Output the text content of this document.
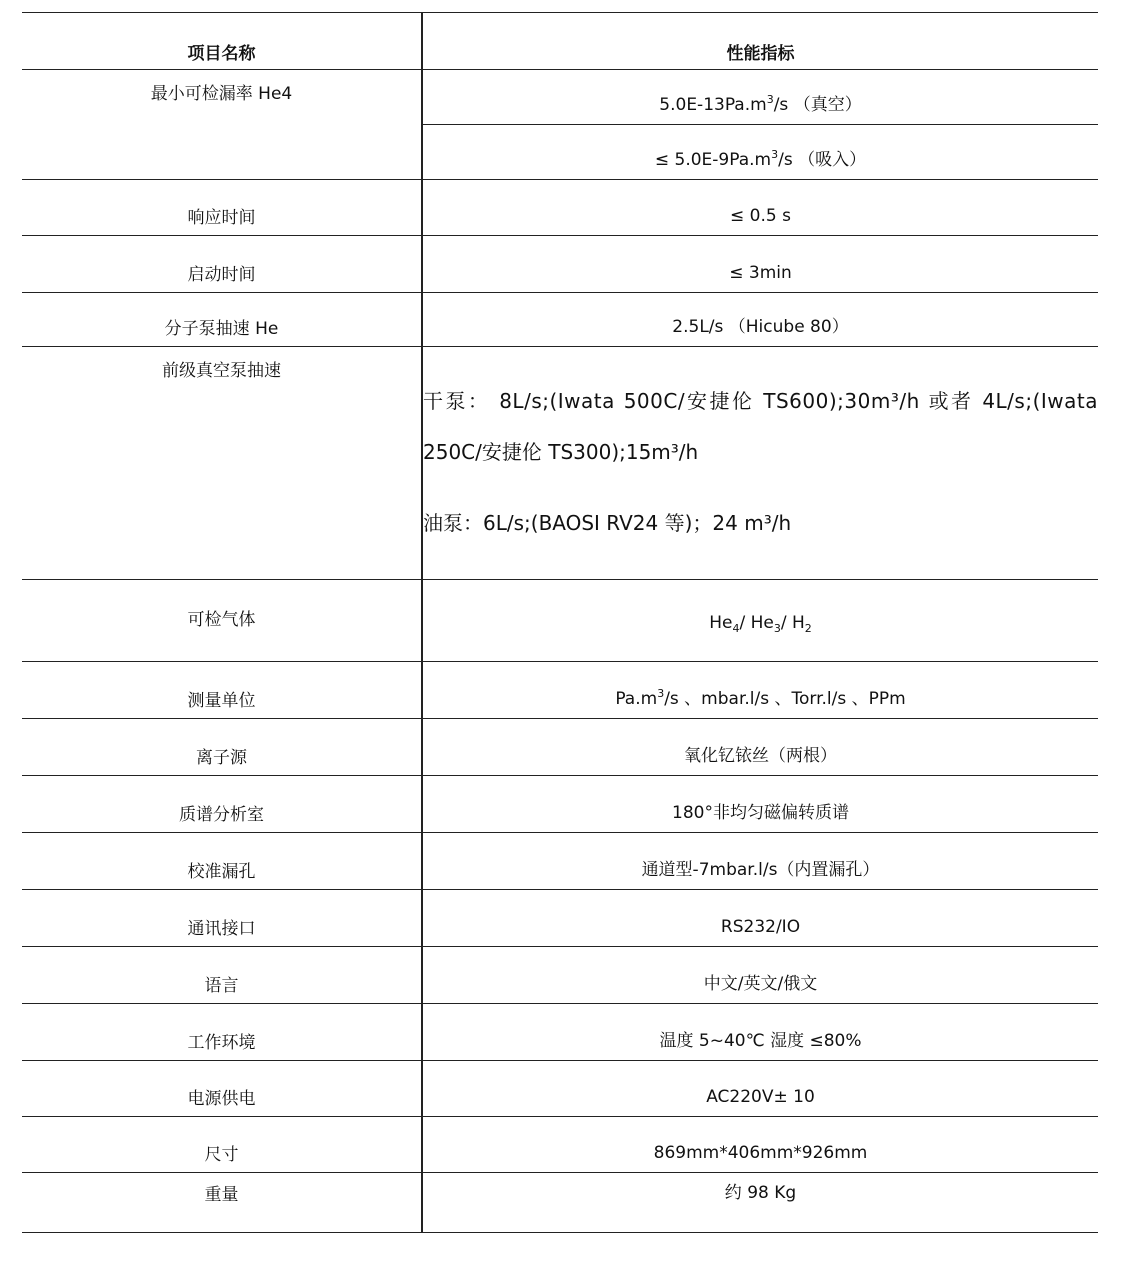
项目名称	性能指标
最小可检漏率 He4	$5.0E-13Pa.m^3/s$ （真空）
	≤ $5.0E-9Pa.m^3/s$ （吸入）
响应时间	≤ 0.5 s
启动时间	≤ 3min
分子泵抽速 He	2.5L/s （Hicube 80）
前级真空泵抽速	干泵： 8L/s;(Iwata 500C/安捷伦 TS600);30m³/h 或者 4L/s;(Iwata
250C/安捷伦 TS300);15m³/h
油泵：6L/s;(BAOSI RV24 等)；24 m³/h

可检气体	$He_4/$ $He_3/$ $H_2$
测量单位	$Pa.m^3/s$ 、mbar.l/s 、Torr.l/s 、PPm
离子源	氧化钇铱丝（两根）
质谱分析室	180°非均匀磁偏转质谱
校准漏孔	通道型-7mbar.l/s（内置漏孔）
通讯接口	RS232/IO
语言	中文/英文/俄文
工作环境	温度 5~40℃ 湿度 ≤80%
电源供电	AC220V± 10
尺寸	869mm*406mm*926mm
重量	约 98 Kg
